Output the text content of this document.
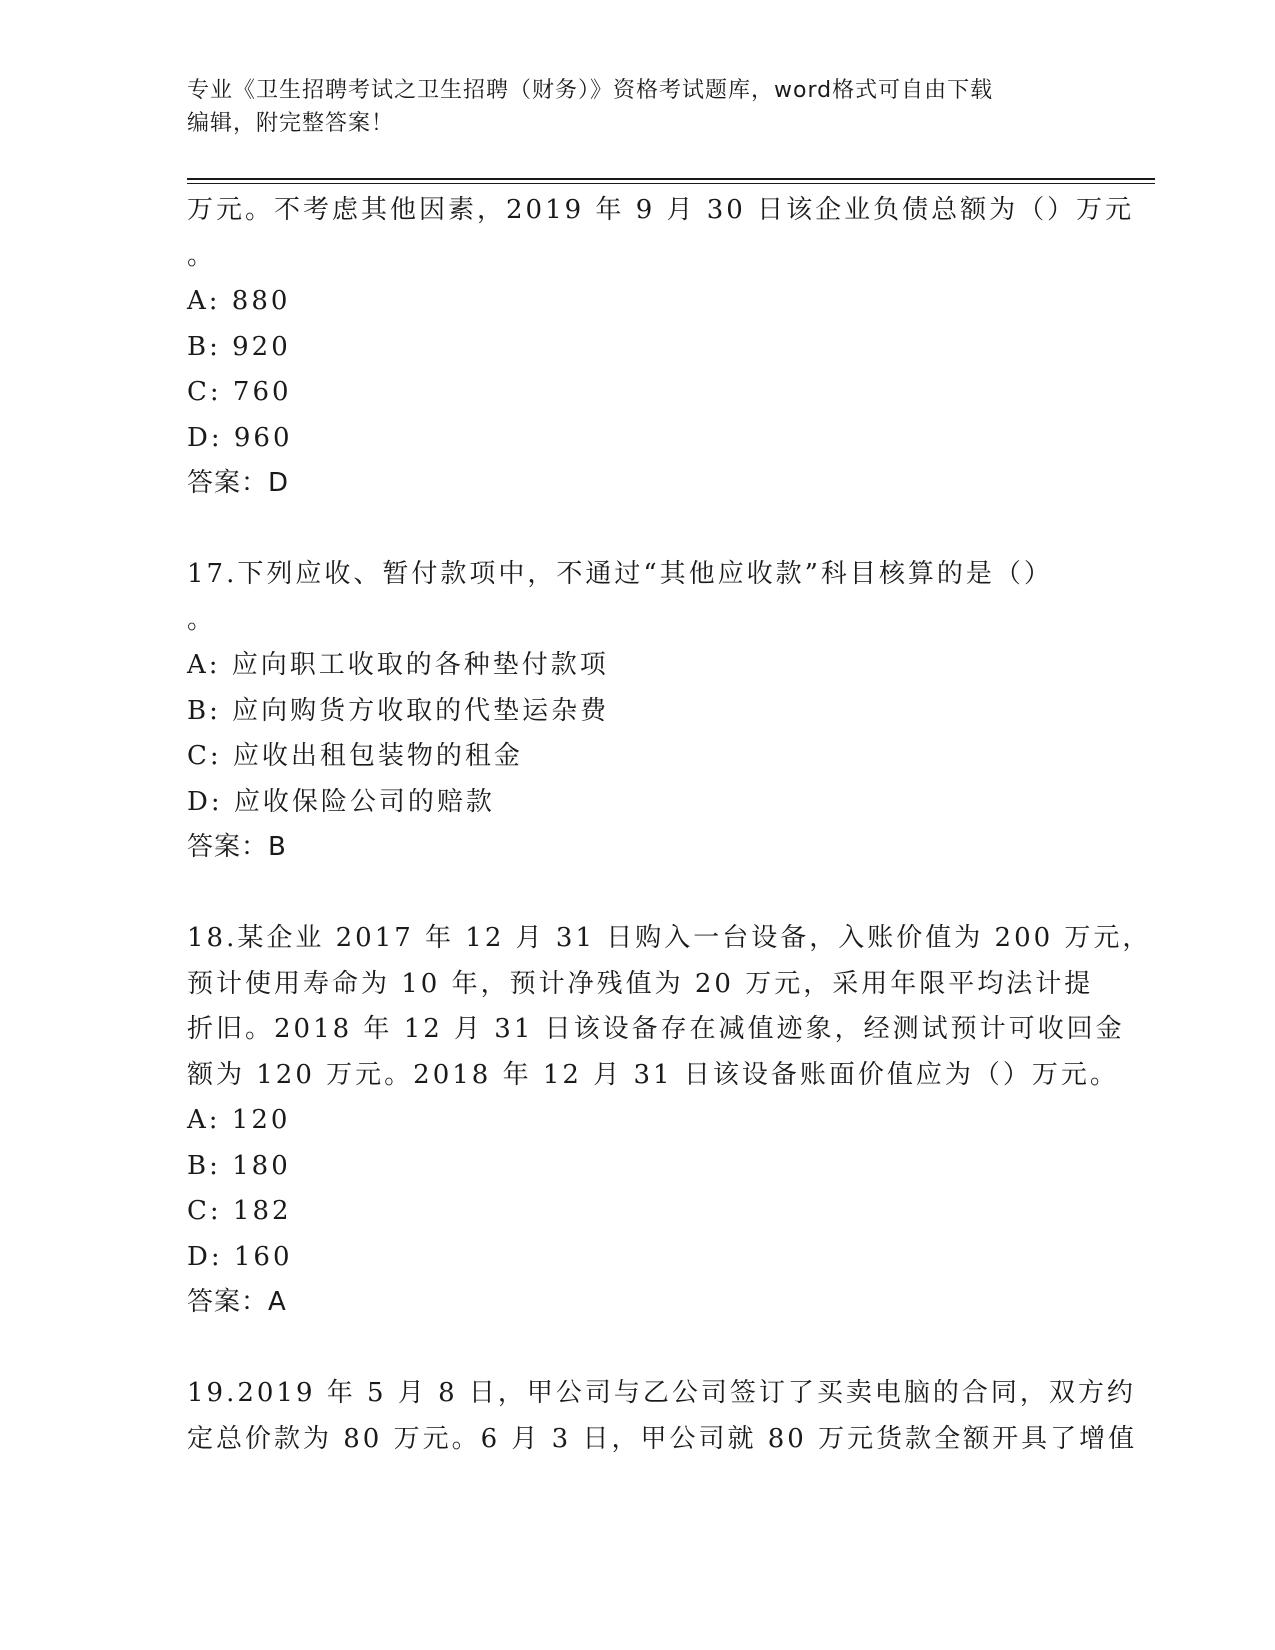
专业《卫生招聘考试之卫生招聘（财务）》资格考试题库，word格式可自由下载
编辑，附完整答案！
万元。不考虑其他因素，2019 年 9 月 30 日该企业负债总额为（）万元
。
A: 880
B: 920
C: 760
D: 960
答案：D
17.下列应收、暂付款项中，不通过“其他应收款”科目核算的是（）
。
A: 应向职工收取的各种垫付款项
B: 应向购货方收取的代垫运杂费
C: 应收出租包装物的租金
D: 应收保险公司的赔款
答案：B
18.某企业 2017 年 12 月 31 日购入一台设备，入账价值为 200 万元，
预计使用寿命为 10 年，预计净残值为 20 万元，采用年限平均法计提
折旧。2018 年 12 月 31 日该设备存在减值迹象，经测试预计可收回金
额为 120 万元。2018 年 12 月 31 日该设备账面价值应为（）万元。
A: 120
B: 180
C: 182
D: 160
答案：A
19.2019 年 5 月 8 日，甲公司与乙公司签订了买卖电脑的合同，双方约
定总价款为 80 万元。6 月 3 日，甲公司就 80 万元货款全额开具了增值
